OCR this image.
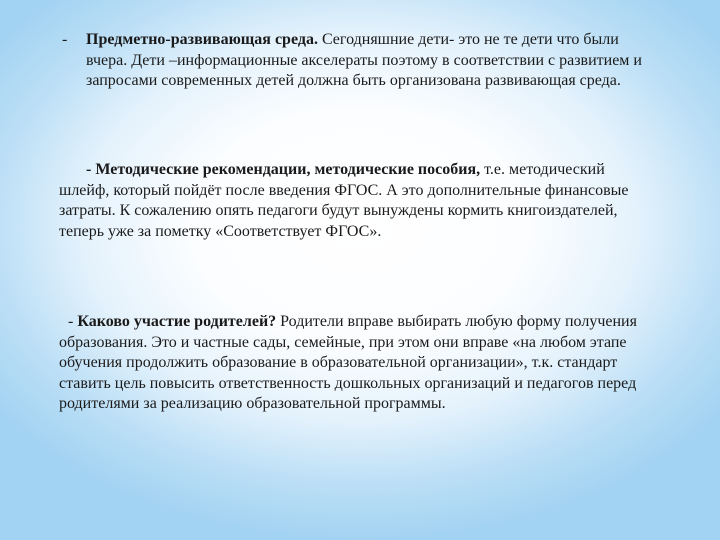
- Предметно-развивающая среда. Сегодняшние дети- это не те дети что были вчера. Дети –информационные акселераты поэтому в соответствии с развитием и запросами современных детей должна быть организована развивающая среда.
- Методические рекомендации, методические пособия, т.е. методический шлейф, который пойдёт после введения ФГОС. А это дополнительные финансовые затраты. К сожалению опять педагоги будут вынуждены кормить книгоиздателей, теперь уже за пометку «Соответствует ФГОС».
- Каково участие родителей? Родители вправе выбирать любую форму получения образования. Это и частные сады, семейные, при этом они вправе «на любом этапе обучения продолжить образование в образовательной организации», т.к. стандарт ставить цель повысить ответственность дошкольных организаций и педагогов перед родителями за реализацию образовательной программы.
